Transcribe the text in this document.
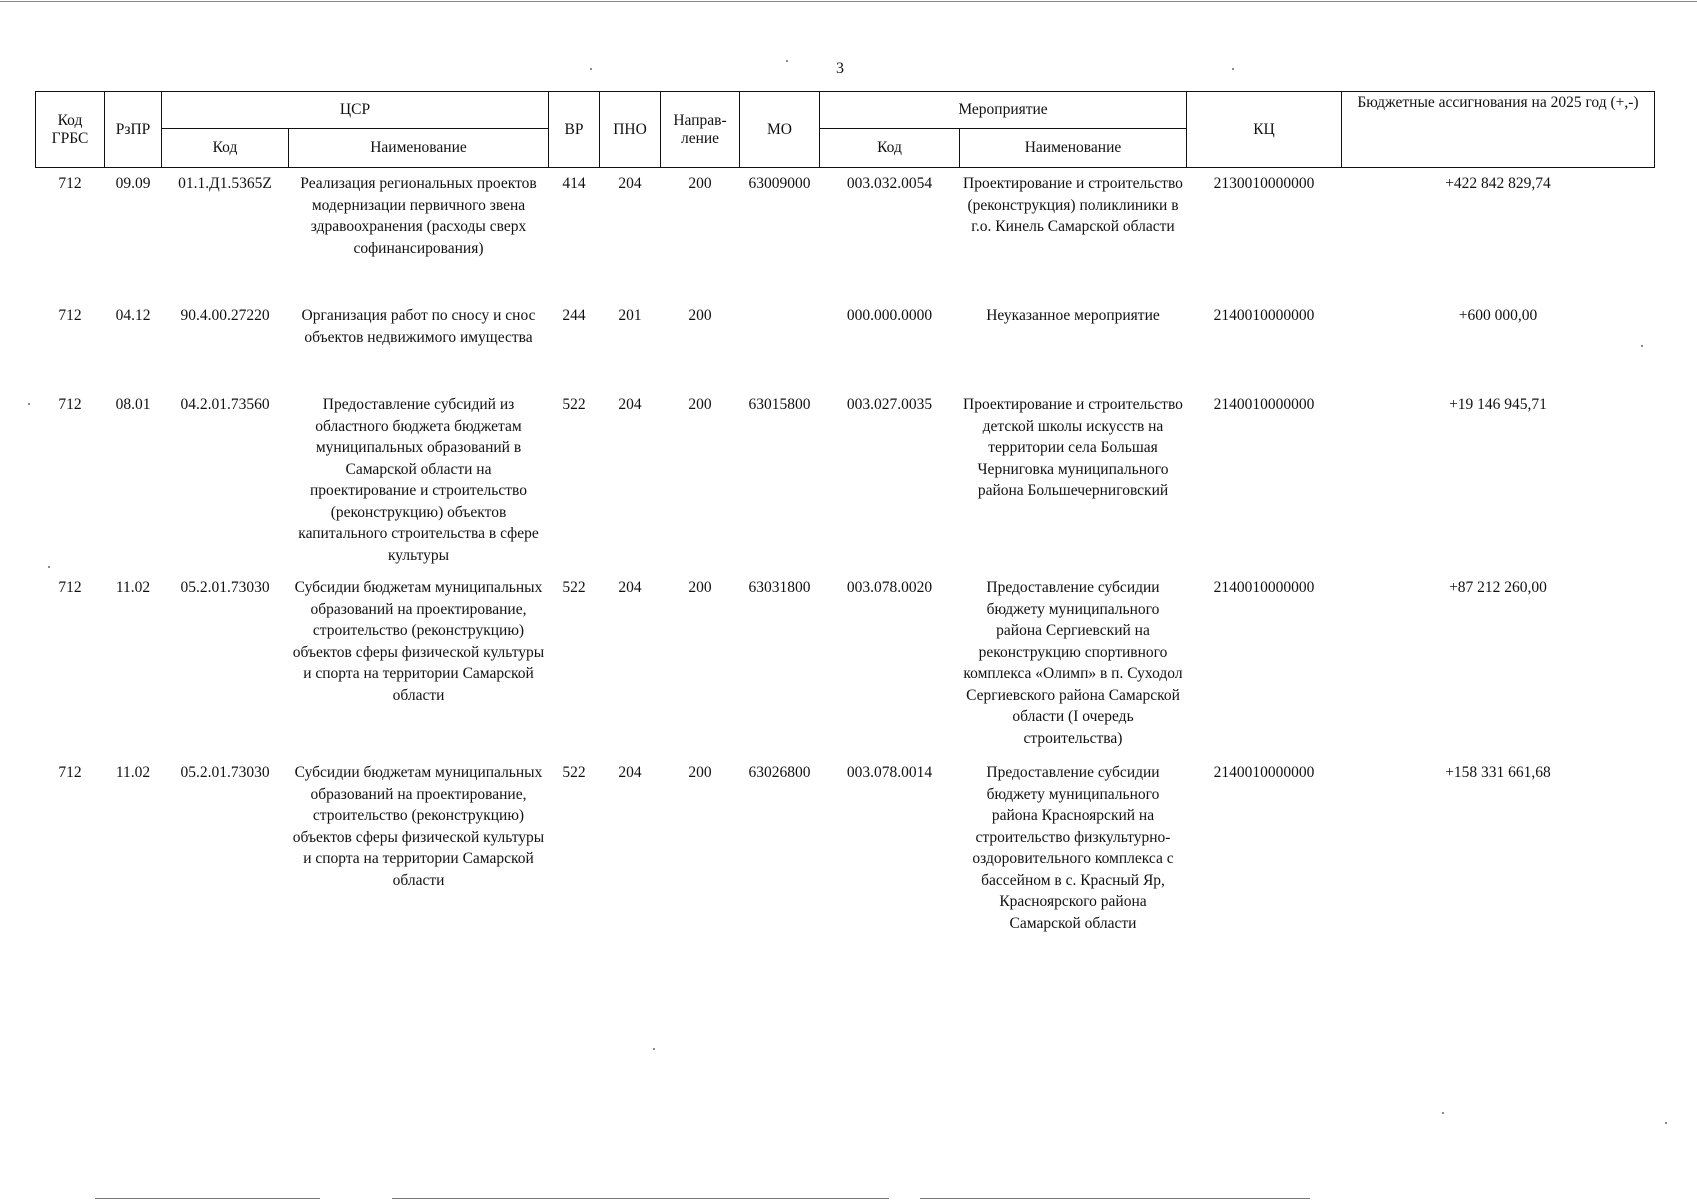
3
Код ГРБС	РзПР	ЦСР		ВР	ПНО	Направ-ление	МО	Мероприятие		КЦ	Бюджетные ассигнования на 2025 год (+,-)
		Код	Наименование					Код	Наименование		
712	09.09	01.1.Д1.5365Z	Реализация региональных проектов модернизации первичного звена здравоохранения (расходы сверх софинансирования)	414	204	200	63009000	003.032.0054	Проектирование и строительство (реконструкция) поликлиники в г.о. Кинель Самарской области	2130010000000	+422 842 829,74
712	04.12	90.4.00.27220	Организация работ по сносу и снос объектов недвижимого имущества	244	201	200		000.000.0000	Неуказанное мероприятие	2140010000000	+600 000,00
712	08.01	04.2.01.73560	Предоставление субсидий из областного бюджета бюджетам муниципальных образований в Самарской области на проектирование и строительство (реконструкцию) объектов капитального строительства в сфере культуры	522	204	200	63015800	003.027.0035	Проектирование и строительство детской школы искусств на территории села Большая Черниговка муниципального района Большечерниговский	2140010000000	+19 146 945,71
712	11.02	05.2.01.73030	Субсидии бюджетам муниципальных образований на проектирование, строительство (реконструкцию) объектов сферы физической культуры и спорта на территории Самарской области	522	204	200	63031800	003.078.0020	Предоставление субсидии бюджету муниципального района Сергиевский на реконструкцию спортивного комплекса «Олимп» в п. Суходол Сергиевского района Самарской области (I очередь строительства)	2140010000000	+87 212 260,00
712	11.02	05.2.01.73030	Субсидии бюджетам муниципальных образований на проектирование, строительство (реконструкцию) объектов сферы физической культуры и спорта на территории Самарской области	522	204	200	63026800	003.078.0014	Предоставление субсидии бюджету муниципального района Красноярский на строительство физкультурно-оздоровительного комплекса с бассейном в с. Красный Яр, Красноярского района Самарской области	2140010000000	+158 331 661,68
